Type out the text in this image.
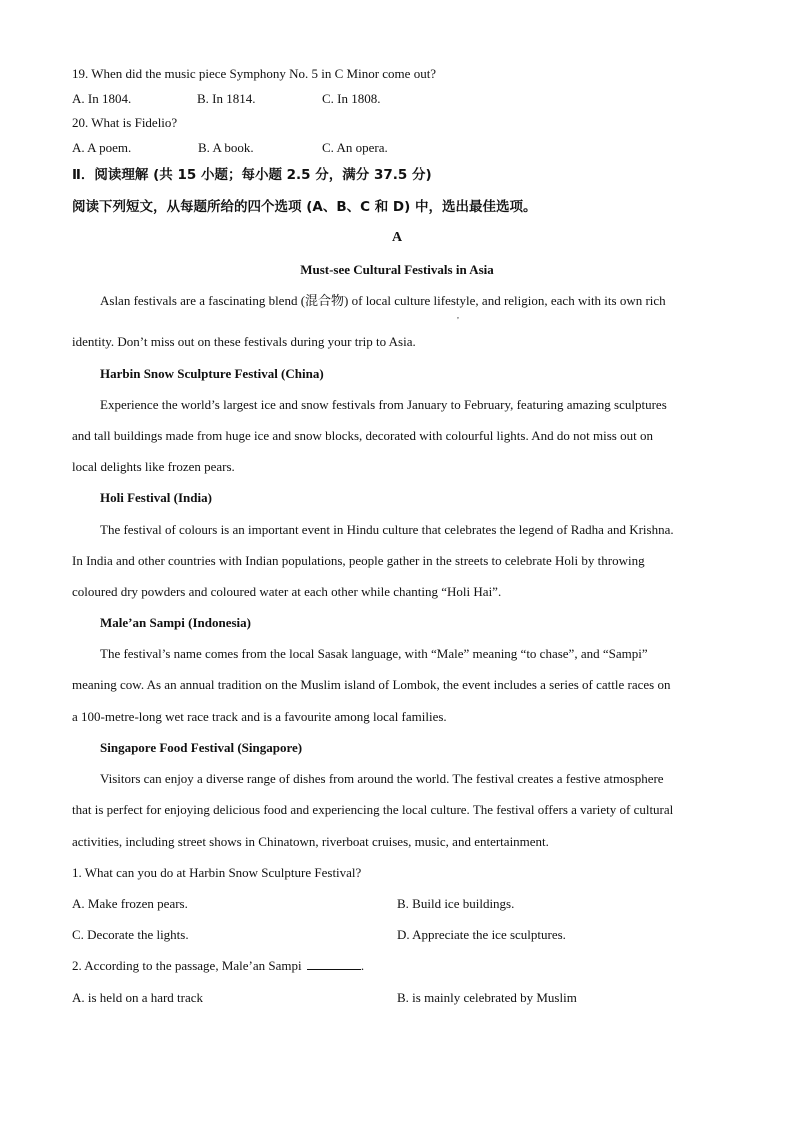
19. When did the music piece Symphony No. 5 in C Minor come out?
A. In 1804.	B. In 1814.	C. In 1808.
20. What is Fidelio?
A. A poem.	B. A book.	C. An opera.
Ⅱ．阅读理解 (共 15 小题；每小题 2.5 分，满分 37.5 分)
阅读下列短文，从每题所给的四个选项 (A、B、C 和 D) 中，选出最佳选项。
A
Must-see Cultural Festivals in Asia
Aslan festivals are a fascinating blend (混合物) of local culture lifestyle, and religion, each with its own rich
,
identity. Don’t miss out on these festivals during your trip to Asia.
Harbin Snow Sculpture Festival (China)
Experience the world’s largest ice and snow festivals from January to February, featuring amazing sculptures
and tall buildings made from huge ice and snow blocks, decorated with colourful lights. And do not miss out on
local delights like frozen pears.
Holi Festival (India)
The festival of colours is an important event in Hindu culture that celebrates the legend of Radha and Krishna.
In India and other countries with Indian populations, people gather in the streets to celebrate Holi by throwing
coloured dry powders and coloured water at each other while chanting “Holi Hai”.
Male’an Sampi (Indonesia)
The festival’s name comes from the local Sasak language, with “Male” meaning “to chase”, and “Sampi”
meaning cow. As an annual tradition on the Muslim island of Lombok, the event includes a series of cattle races on
a 100-metre-long wet race track and is a favourite among local families.
Singapore Food Festival (Singapore)
Visitors can enjoy a diverse range of dishes from around the world. The festival creates a festive atmosphere
that is perfect for enjoying delicious food and experiencing the local culture. The festival offers a variety of cultural
activities, including street shows in Chinatown, riverboat cruises, music, and entertainment.
1. What can you do at Harbin Snow Sculpture Festival?
A. Make frozen pears.	B. Build ice buildings.
C. Decorate the lights.	D. Appreciate the ice sculptures.
2. According to the passage, Male’an Sampi	.
A. is held on a hard track	B. is mainly celebrated by Muslim
